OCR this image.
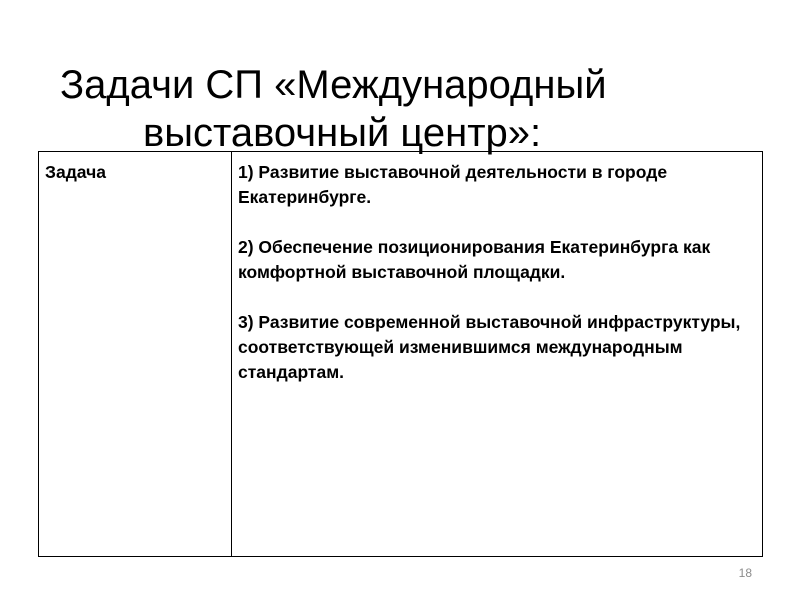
Задачи СП «Международный
выставочный центр»:
Задача	1) Развитие выставочной деятельности в городе Екатеринбурге.
2) Обеспечение позиционирования Екатеринбурга как комфортной выставочной площадки.
3) Развитие современной выставочной инфраструктуры, соответствующей изменившимся международным стандартам.
18
